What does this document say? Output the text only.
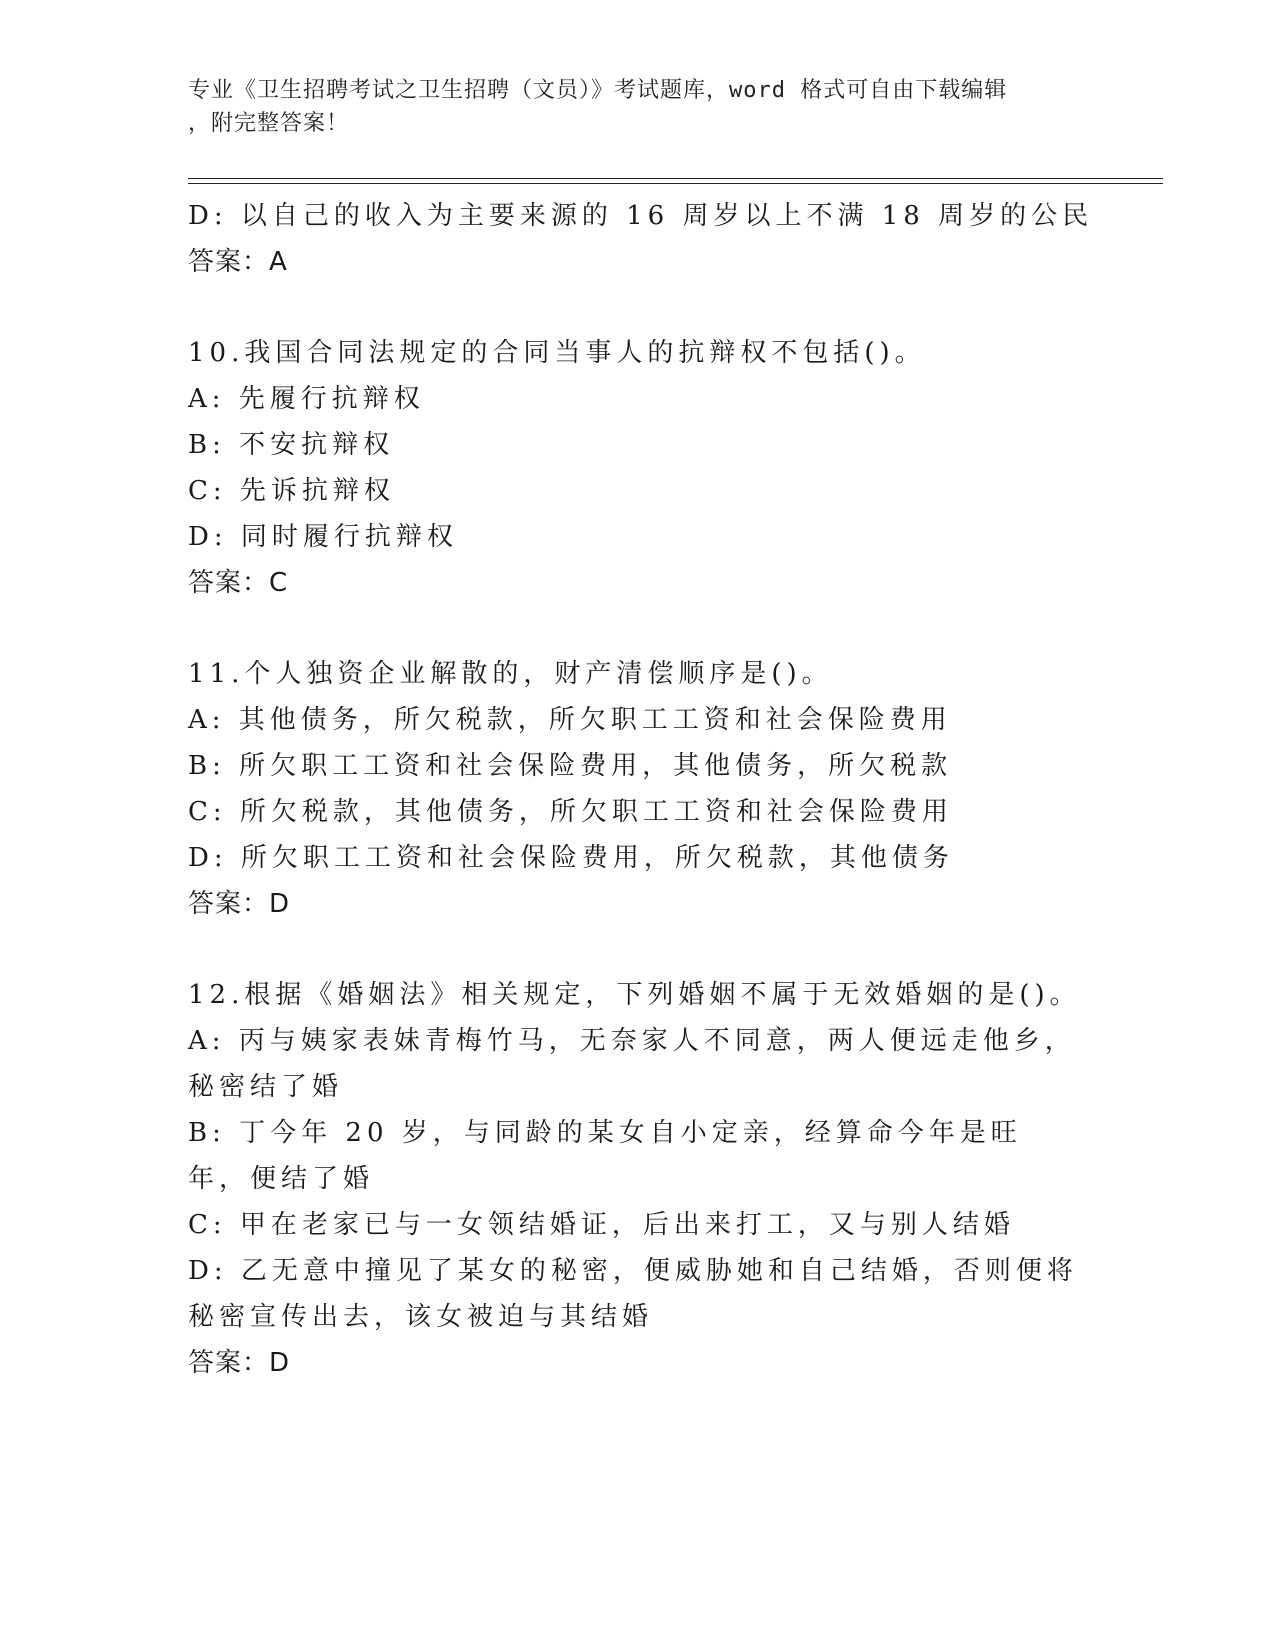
专业《卫生招聘考试之卫生招聘（文员）》考试题库，word 格式可自由下载编辑
，附完整答案！
D: 以自己的收入为主要来源的 16 周岁以上不满 18 周岁的公民
答案：A
10.我国合同法规定的合同当事人的抗辩权不包括()。
A: 先履行抗辩权
B: 不安抗辩权
C: 先诉抗辩权
D: 同时履行抗辩权
答案：C
11.个人独资企业解散的，财产清偿顺序是()。
A: 其他债务，所欠税款，所欠职工工资和社会保险费用
B: 所欠职工工资和社会保险费用，其他债务，所欠税款
C: 所欠税款，其他债务，所欠职工工资和社会保险费用
D: 所欠职工工资和社会保险费用，所欠税款，其他债务
答案：D
12.根据《婚姻法》相关规定，下列婚姻不属于无效婚姻的是()。
A: 丙与姨家表妹青梅竹马，无奈家人不同意，两人便远走他乡，秘密结了婚
B: 丁今年 20 岁，与同龄的某女自小定亲，经算命今年是旺年，便结了婚
C: 甲在老家已与一女领结婚证，后出来打工，又与别人结婚
D: 乙无意中撞见了某女的秘密，便威胁她和自己结婚，否则便将秘密宣传出去，该女被迫与其结婚
答案：D
